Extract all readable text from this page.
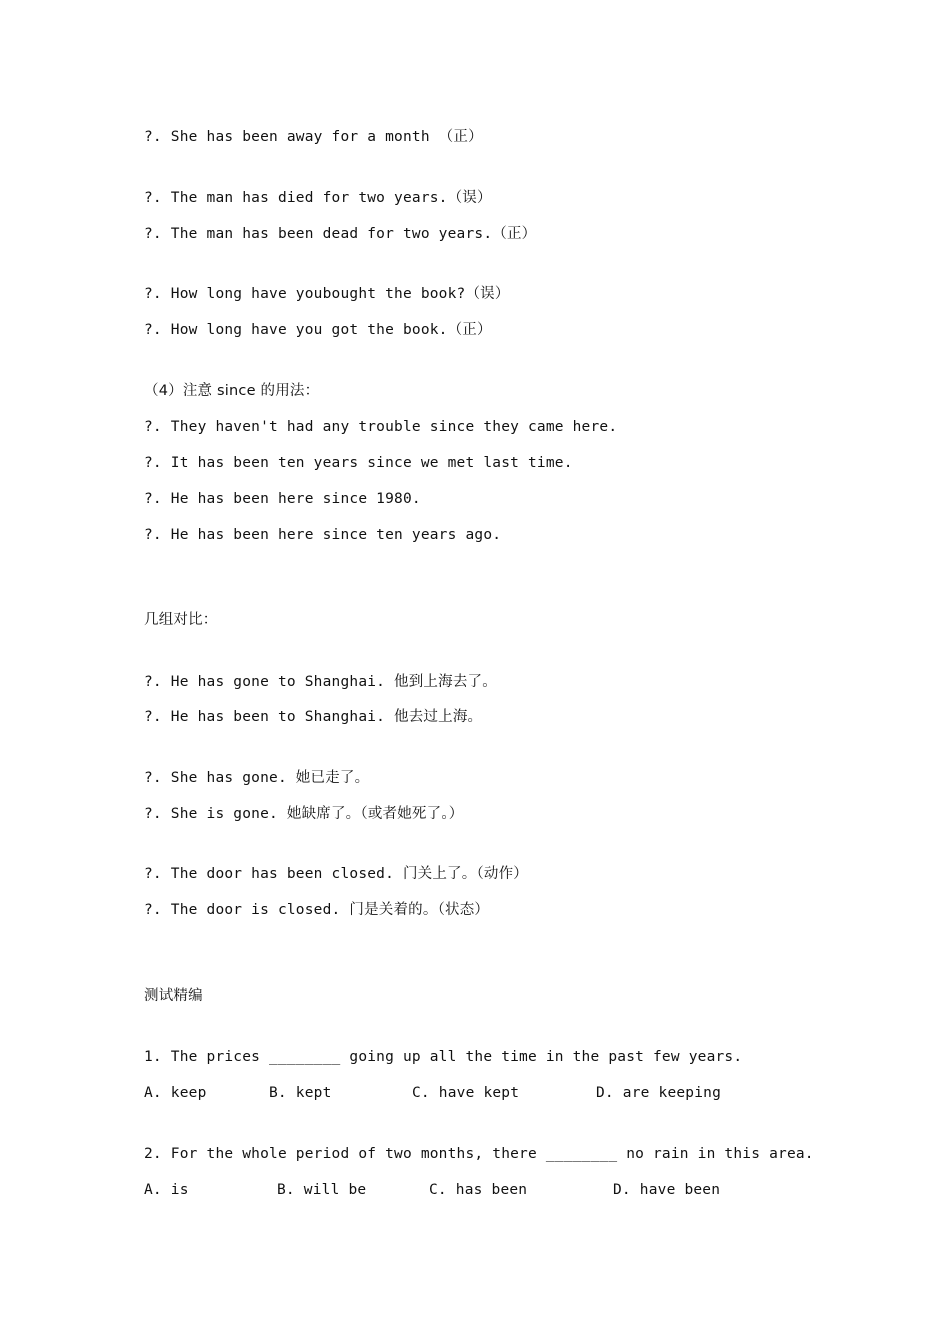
?. She has been away for a month （正）
?. The man has died for two years.（误）
?. The man has been dead for two years.（正）
?. How long have youbought the book?（误）
?. How long have you got the book.（正）
（4）注意 since 的用法：
?. They haven't had any trouble since they came here.
?. It has been ten years since we met last time.
?. He has been here since 1980.
?. He has been here since ten years ago.
几组对比：
?. He has gone to Shanghai. 他到上海去了。
?. He has been to Shanghai. 他去过上海。
?. She has gone. 她已走了。
?. She is gone. 她缺席了。（或者她死了。）
?. The door has been closed. 门关上了。（动作）
?. The door is closed. 门是关着的。（状态）
测试精编
1. The prices ________ going up all the time in the past few years.
A. keep	B. kept	C. have kept	D. are keeping
2. For the whole period of two months, there ________ no rain in this area.
A. is	B. will be	C. has been	D. have been
